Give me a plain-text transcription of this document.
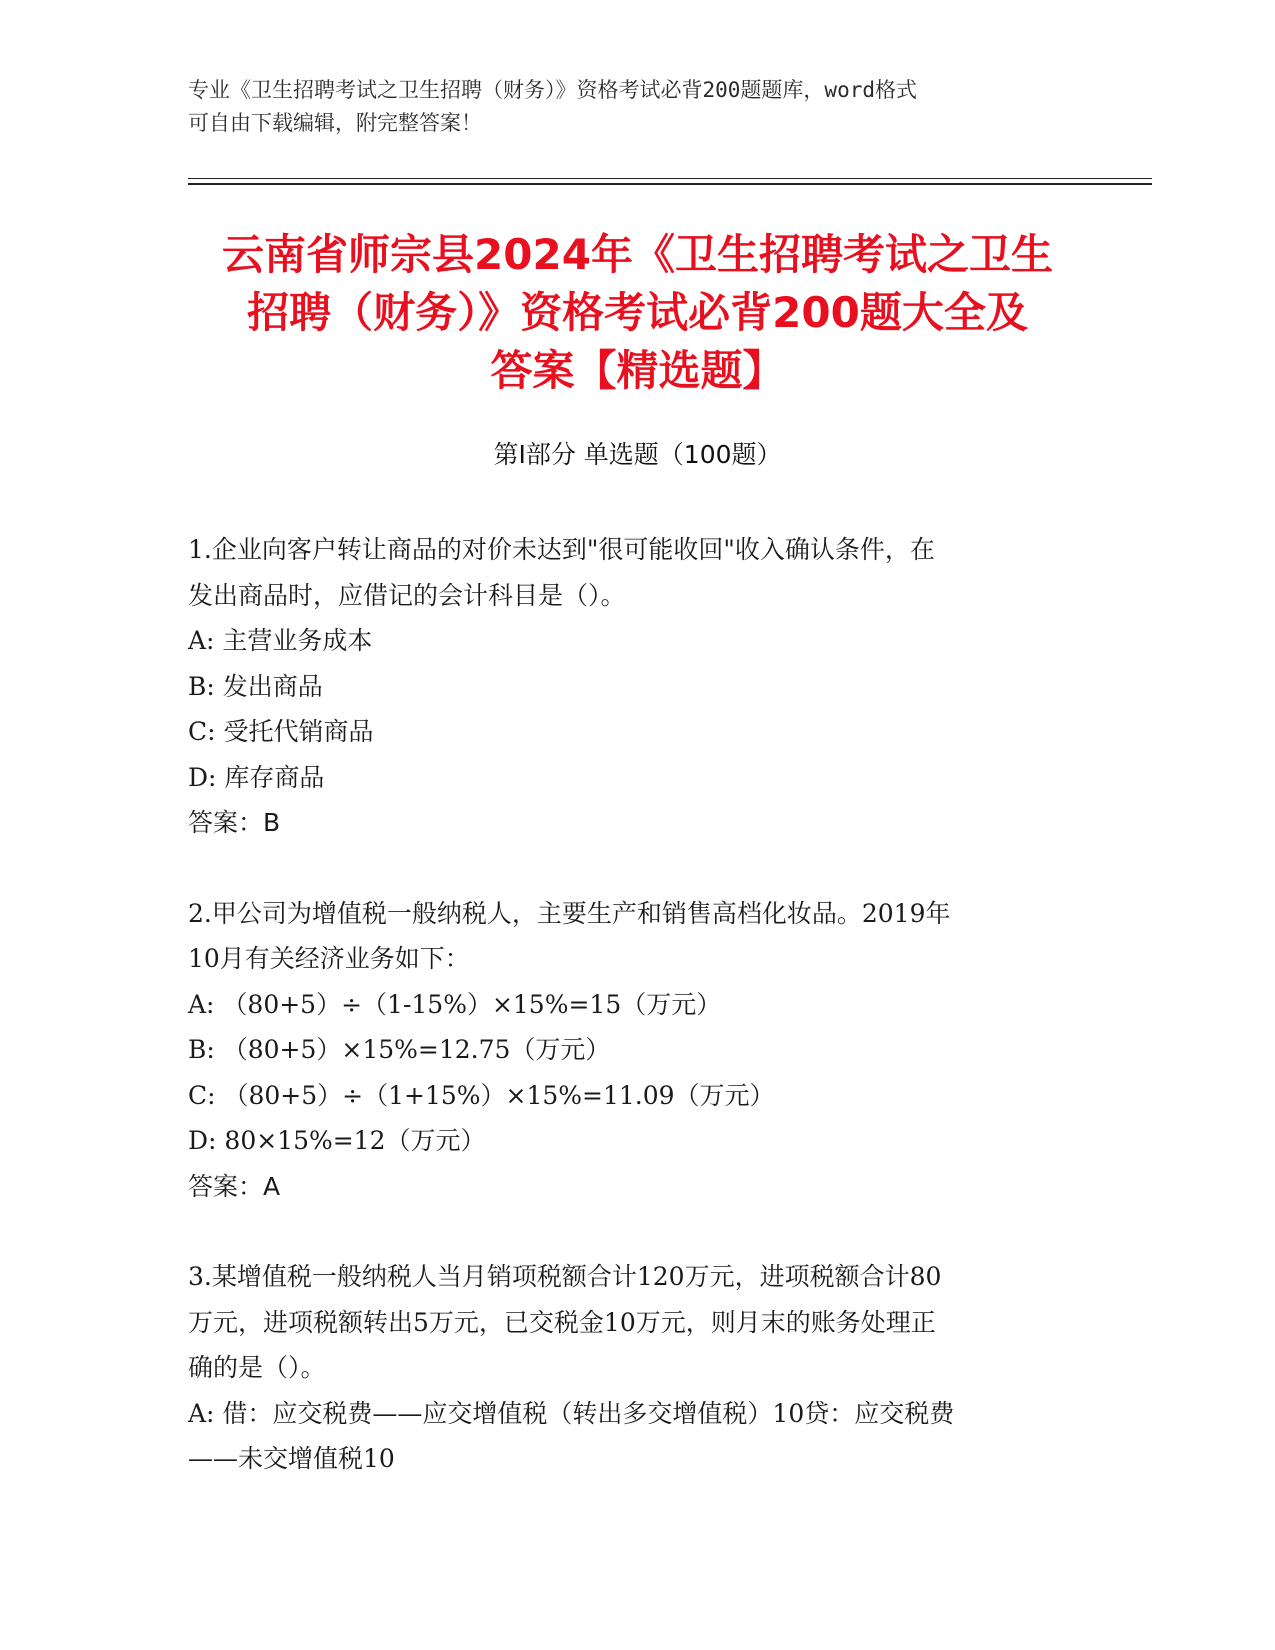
专业《卫生招聘考试之卫生招聘（财务）》资格考试必背200题题库，word格式
可自由下载编辑，附完整答案！
云南省师宗县2024年《卫生招聘考试之卫生
招聘（财务）》资格考试必背200题大全及
答案【精选题】
第Ⅰ部分 单选题（100题）
1.企业向客户转让商品的对价未达到"很可能收回"收入确认条件，在
发出商品时，应借记的会计科目是（）。
A: 主营业务成本
B: 发出商品
C: 受托代销商品
D: 库存商品
答案：B
2.甲公司为增值税一般纳税人，主要生产和销售高档化妆品。2019年
10月有关经济业务如下：
A: （80+5）÷（1-15%）×15%=15（万元）
B: （80+5）×15%=12.75（万元）
C: （80+5）÷（1+15%）×15%=11.09（万元）
D: 80×15%=12（万元）
答案：A
3.某增值税一般纳税人当月销项税额合计120万元，进项税额合计80
万元，进项税额转出5万元，已交税金10万元，则月末的账务处理正
确的是（）。
A: 借：应交税费——应交增值税（转出多交增值税）10贷：应交税费
——未交增值税10
